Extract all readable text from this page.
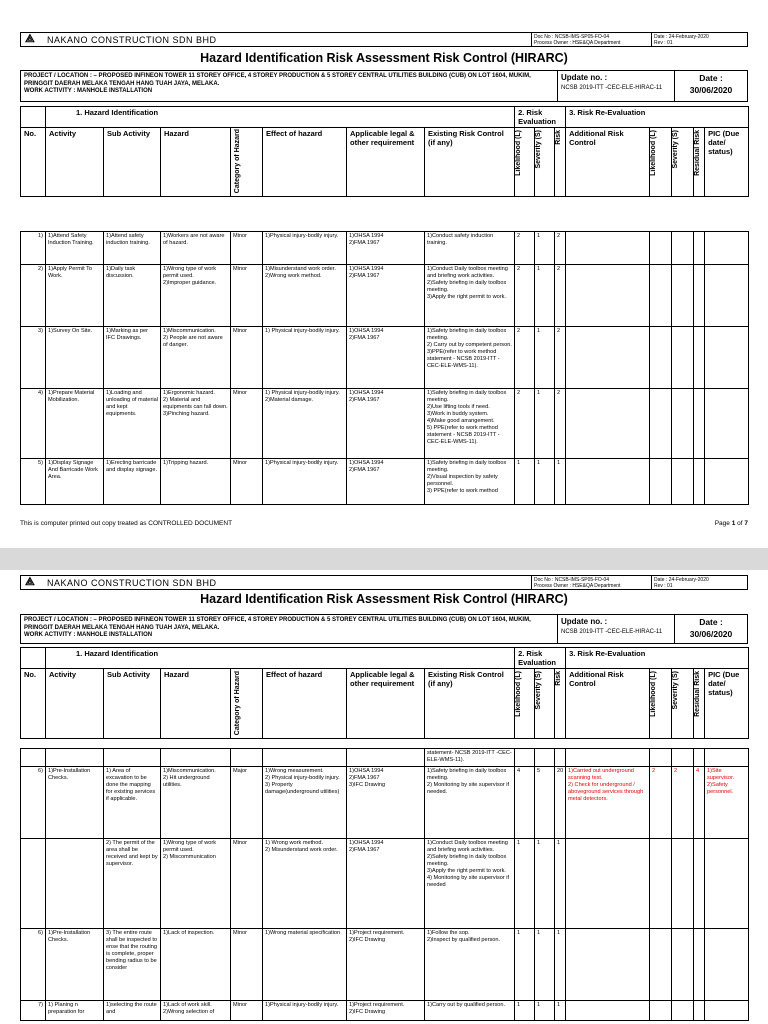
⟁	NAKANO CONSTRUCTION SDN BHD	Doc No : NCSB-IMS-SP05-FO-04
Process Owner : HSE&QA Department

Date : 24-February-2020
Rev : 01
Hazard Identification Risk Assessment Risk Control (HIRARC)
PROJECT / LOCATION : – PROPOSED INFINEON TOWER 11 STOREY OFFICE, 4 STOREY PRODUCTION & 5 STOREY CENTRAL UTILITIES BUILDING (CUB) ON LOT 1604, MUKIM,
PRINGGIT DAERAH MELAKA TENGAH HANG TUAH JAYA, MELAKA.
WORK ACTIVITY : MANHOLE INSTALLATION

Update no. :
NCSB 2019-ITT -CEC-ELE-HIRAC-11

Date :
30/06/2020
	1. Hazard Identification							2. Risk Evaluation			3. Risk Re-Evaluation				
No.	Activity	Sub Activity	Hazard	Category of Hazard	Effect of hazard	Applicable legal & other requirement	Existing Risk Control (if any)	Likelihood (L)	Severity (S)	Risk	Additional Risk Control	Likelihood (L)	Severity (S)	Residual Risk	PIC (Due date/ status)
1)	1)Attend Safety Induction Training.	1)Attend safety induction training.	1)Workers are not aware of hazard.	Minor	1)Physical injury-bodily injury.	1)OHSA 1994
2)FMA 1967	1)Conduct safety induction training.	2	1	2					
2)	1)Apply Permit To Work.	1)Daily task discussion.	1)Wrong type of work permit used.
2)Improper guidance.	Minor	1)Misunderstand work order.
2)Wrong work method.	1)OHSA 1994
2)FMA 1967	1)Conduct Daily toolbox meeting and briefing work activities.
2)Safety briefing in daily toolbox meeting.
3)Apply the right permit to work.	2	1	2					
3)	1)Survey On Site.	1)Marking as per IFC Drawings.	1)Miscommunication.
2) People are not aware of danger.	Minor	1) Physical injury-bodily injury.	1)OHSA 1994
2)FMA 1967	1)Safety briefing in daily toolbox meeting.
2) Carry out by competent person.
3)PPE(refer to work method statement - NCSB 2019-ITT -CEC-ELE-WMS-11).	2	1	2					
4)	1)Prepare Material Mobilization.	1)Loading and unloading of material and kept equipments.	1)Ergonomic hazard.
2) Material and equipments can fall down.
3)Pinching hazard.	Minor	1) Physical injury-bodily injury.
2)Material damage.	1)OHSA 1994
2)FMA 1967	1)Safety briefing in daily toolbox meeting.
2)Use lifting tools if need.
3)Work in buddy system.
4)Make good arrangement.
5) PPE(refer to work method statement - NCSB 2019-ITT -CEC-ELE-WMS-11).	2	1	2					
5)	1)Display Signage And Barricade Work Area.	1)Erecting barricade and display signage.	1)Tripping hazard.	Minor	1)Physical injury-bodily injury.	1)OHSA 1994
2)FMA 1967	1)Safety briefing in daily toolbox meeting.
2)Visual inspection by safety personnel.
3) PPE(refer to work method	1	1	1					
This is computer printed out copy treated as CONTROLLED DOCUMENT	Page 1 of 7
⟁	NAKANO CONSTRUCTION SDN BHD	Doc No : NCSB-IMS-SP05-FO-04
Process Owner : HSE&QA Department

Date : 24-February-2020
Rev : 01
Hazard Identification Risk Assessment Risk Control (HIRARC)
PROJECT / LOCATION : – PROPOSED INFINEON TOWER 11 STOREY OFFICE, 4 STOREY PRODUCTION & 5 STOREY CENTRAL UTILITIES BUILDING (CUB) ON LOT 1604, MUKIM,
PRINGGIT DAERAH MELAKA TENGAH HANG TUAH JAYA, MELAKA.
WORK ACTIVITY : MANHOLE INSTALLATION

Update no. :
NCSB 2019-ITT -CEC-ELE-HIRAC-11

Date :
30/06/2020
	1. Hazard Identification							2. Risk Evaluation			3. Risk Re-Evaluation				
No.	Activity	Sub Activity	Hazard	Category of Hazard	Effect of hazard	Applicable legal & other requirement	Existing Risk Control (if any)	Likelihood (L)	Severity (S)	Risk	Additional Risk Control	Likelihood (L)	Severity (S)	Residual Risk	PIC (Due date/ status)
							statement- NCSB 2019-ITT -CEC-ELE-WMS-11).								
6)	1)Pre-Installation Checks.	1) Area of excavation to be done the mapping for existing services if applicable.	1)Miscommunication.
2) Hit underground utilities.	Major	1)Wrong measurement.
2) Physical injury-bodily injury.
3) Property damage(underground utilities)	1)OHSA 1994
2)FMA 1967
3)IFC Drawing	1)Safety briefing in daily toolbox meeting.
2) Monitoring by site supervisor if needed.	4	5	20	1)Carried out underground scanning test.
2) Check for underground / aboveground services through metal detectors.	2	2	4	1)Site supervisor.
2)Safety personnel.
		2) The permit of the area shall be received and kept by supervisor.	1)Wrong type of work permit used.
2) Miscommunication	Minor	1) Wrong work method.
2) Misunderstand work order.	1)OHSA 1994
2)FMA 1967	1)Conduct Daily toolbox meeting and briefing work activities.
2)Safety briefing in daily toolbox meeting.
3)Apply the right permit to work.
4) Monitoring by site supervisor if needed	1	1	1					
6)	1)Pre-Installation Checks.	3) The entire route shall be inspected to ense that the routing is complete, proper bending radius to be consider	1)Lack of inspection.	Minor	1)Wrong material specification	1)Project requirement.
2)IFC Drawing	1)Follow the sop.
2)Inspect by qualified person.	1	1	1					
7)	1) Planing n preparation for	1)selecting the route and	1)Lack of work skill.
2)Wrong selection of	Minor	1)Physical injury-bodily injury.	1)Project requirement.
2)IFC Drawing	1)Carry out by qualified person.	1	1	1					
